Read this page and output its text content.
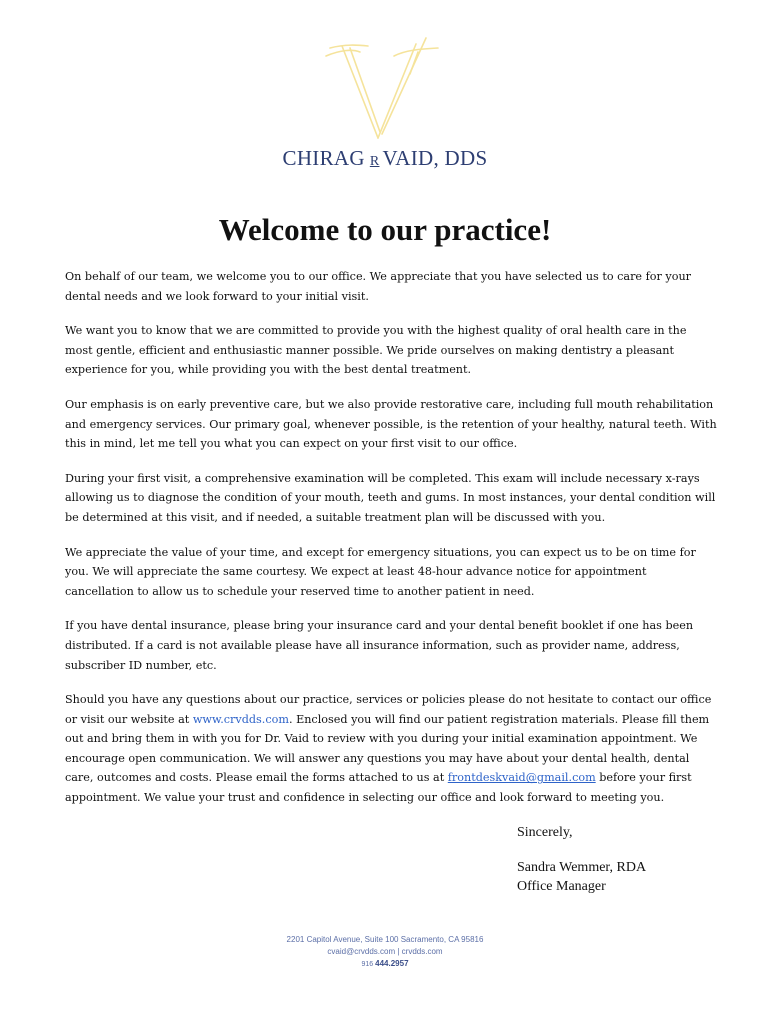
CHIRAG R VAID, DDS
Welcome to our practice!

On behalf of our team, we welcome you to our office. We appreciate that you have selected us to care for your dental needs and we look forward to your initial visit.

We want you to know that we are committed to provide you with the highest quality of oral health care in the most gentle, efficient and enthusiastic manner possible. We pride ourselves on making dentistry a pleasant experience for you, while providing you with the best dental treatment.

Our emphasis is on early preventive care, but we also provide restorative care, including full mouth rehabilitation and emergency services. Our primary goal, whenever possible, is the retention of your healthy, natural teeth. With this in mind, let me tell you what you can expect on your first visit to our office.

During your first visit, a comprehensive examination will be completed. This exam will include necessary x-rays allowing us to diagnose the condition of your mouth, teeth and gums. In most instances, your dental condition will be determined at this visit, and if needed, a suitable treatment plan will be discussed with you.

We appreciate the value of your time, and except for emergency situations, you can expect us to be on time for you. We will appreciate the same courtesy. We expect at least 48-hour advance notice for appointment cancellation to allow us to schedule your reserved time to another patient in need.

If you have dental insurance, please bring your insurance card and your dental benefit booklet if one has been distributed. If a card is not available please have all insurance information, such as provider name, address, subscriber ID number, etc.

Should you have any questions about our practice, services or policies please do not hesitate to contact our office or visit our website at www.crvdds.com. Enclosed you will find our patient registration materials. Please fill them out and bring them in with you for Dr. Vaid to review with you during your initial examination appointment. We encourage open communication. We will answer any questions you may have about your dental health, dental care, outcomes and costs. Please email the forms attached to us at frontdeskvaid@gmail.com before your first appointment. We value your trust and confidence in selecting our office and look forward to meeting you.

Sincerely,
Sandra Wemmer, RDA
Office Manager
2201 Capitol Avenue, Suite 100 Sacramento, CA 95816
cvaid@crvdds.com | crvdds.com
916 444.2957
